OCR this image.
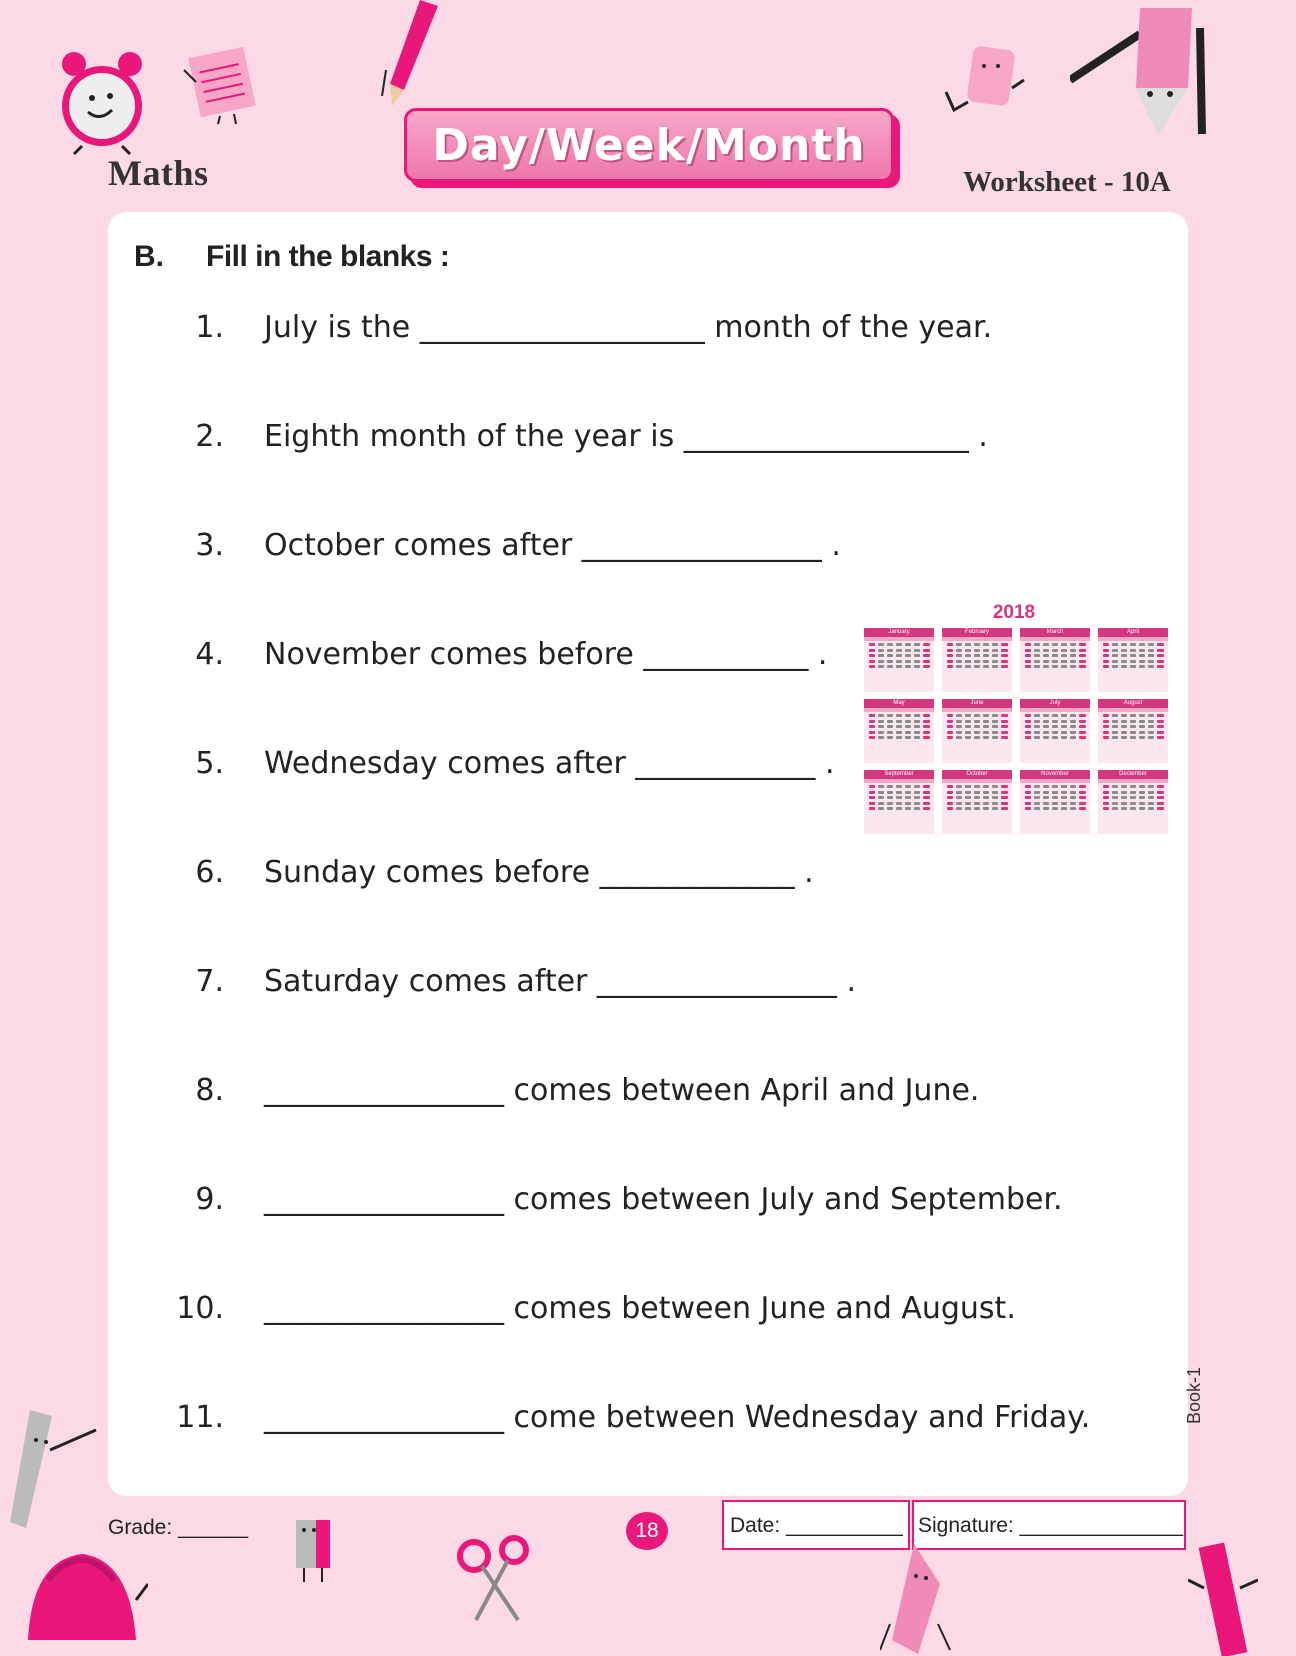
Maths
Day/Week/Month
Worksheet - 10A
B. Fill in the blanks :
1. July is the ___________________ month of the year.
2. Eighth month of the year is ___________________ .
3. October comes after ________________ .
4. November comes before ___________ .
5. Wednesday comes after ____________ .
6. Sunday comes before _____________ .
7. Saturday comes after ________________ .
8. ________________ comes between April and June.
9. ________________ comes between July and September.
10. ________________ comes between June and August.
11. ________________ come between Wednesday and Friday.
2018
January	February	March	April
May	June	July	August
September	October	November	December
Grade: ______	18	Date: __________ Signature: ______________
Book-1
